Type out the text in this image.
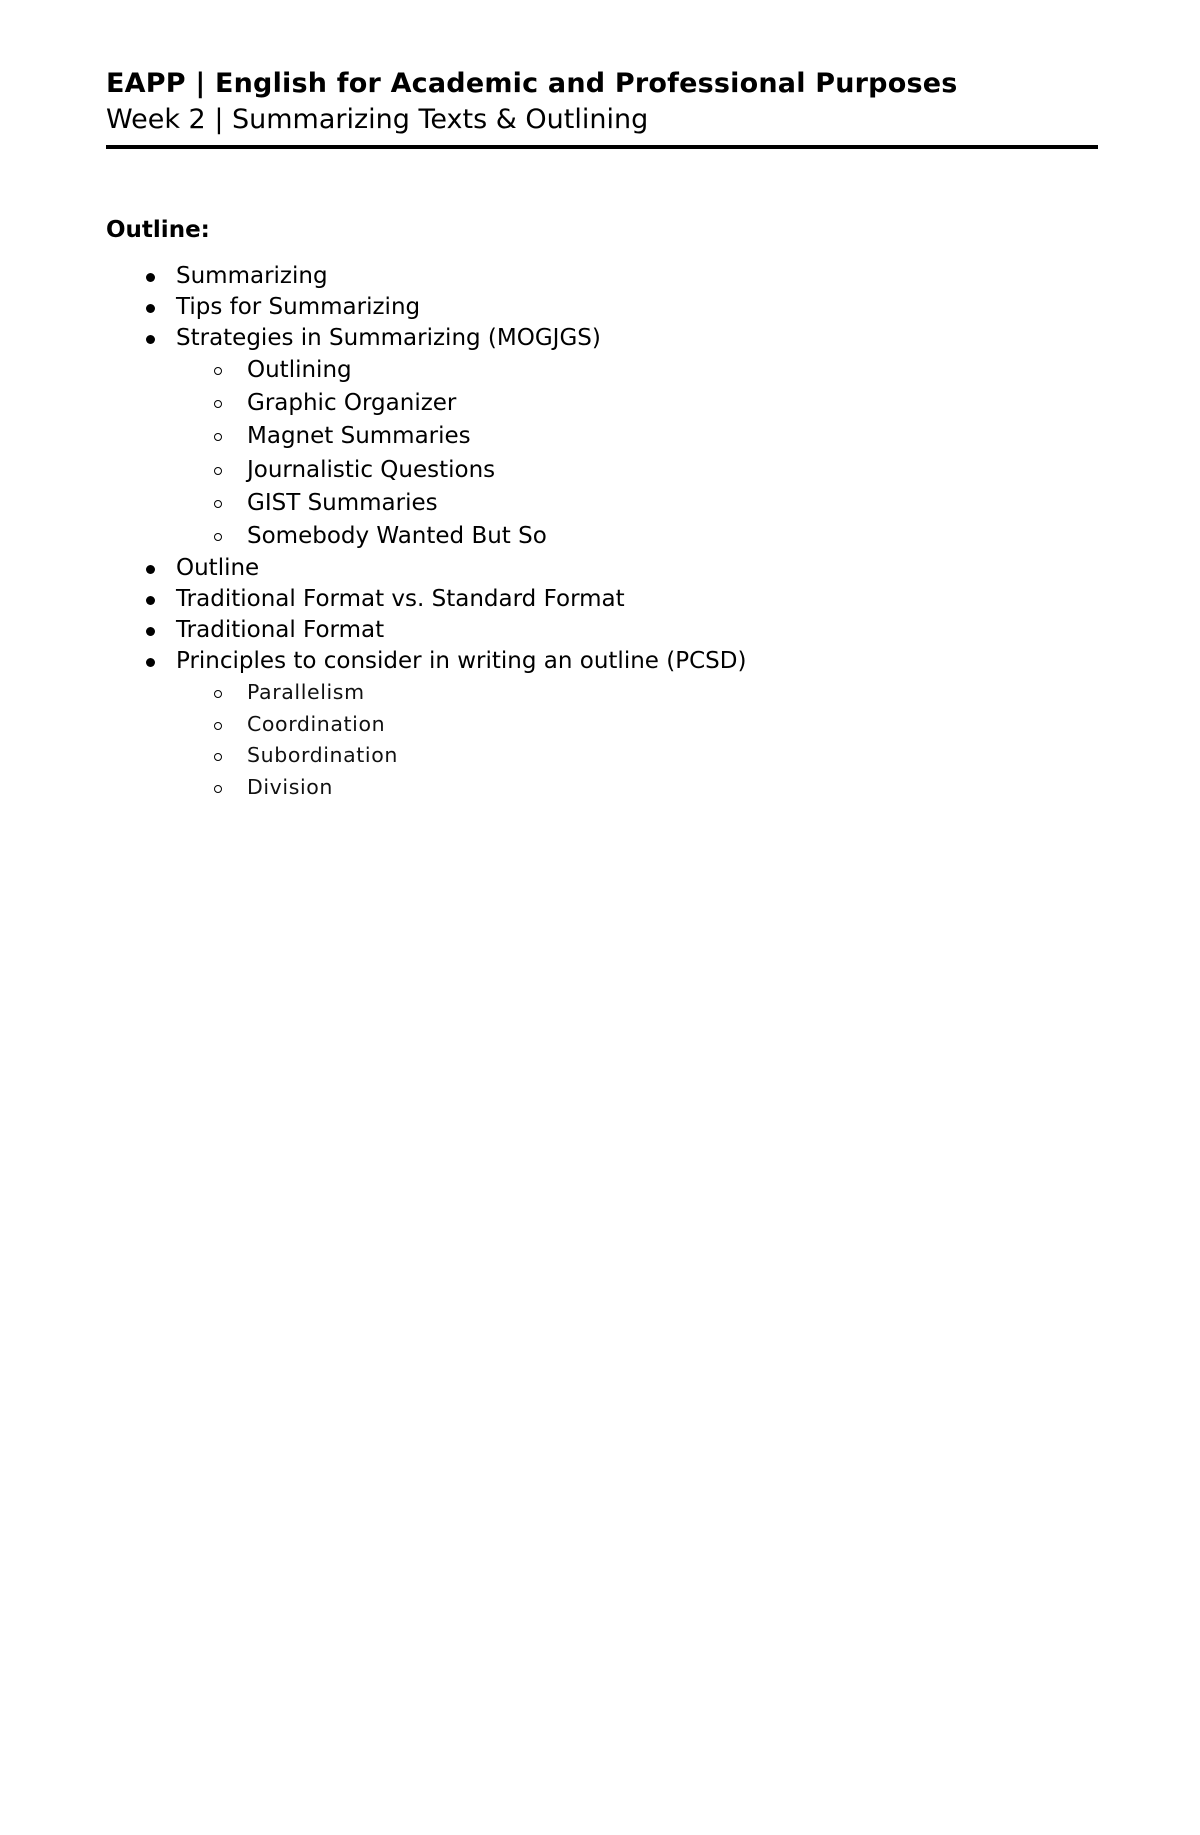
EAPP | English for Academic and Professional Purposes
Week 2 | Summarizing Texts & Outlining
Outline:
Summarizing
Tips for Summarizing
Strategies in Summarizing (MOGJGS)
Outlining
Graphic Organizer
Magnet Summaries
Journalistic Questions
GIST Summaries
Somebody Wanted But So
Outline
Traditional Format vs. Standard Format
Traditional Format
Principles to consider in writing an outline (PCSD)
Parallelism
Coordination
Subordination
Division
